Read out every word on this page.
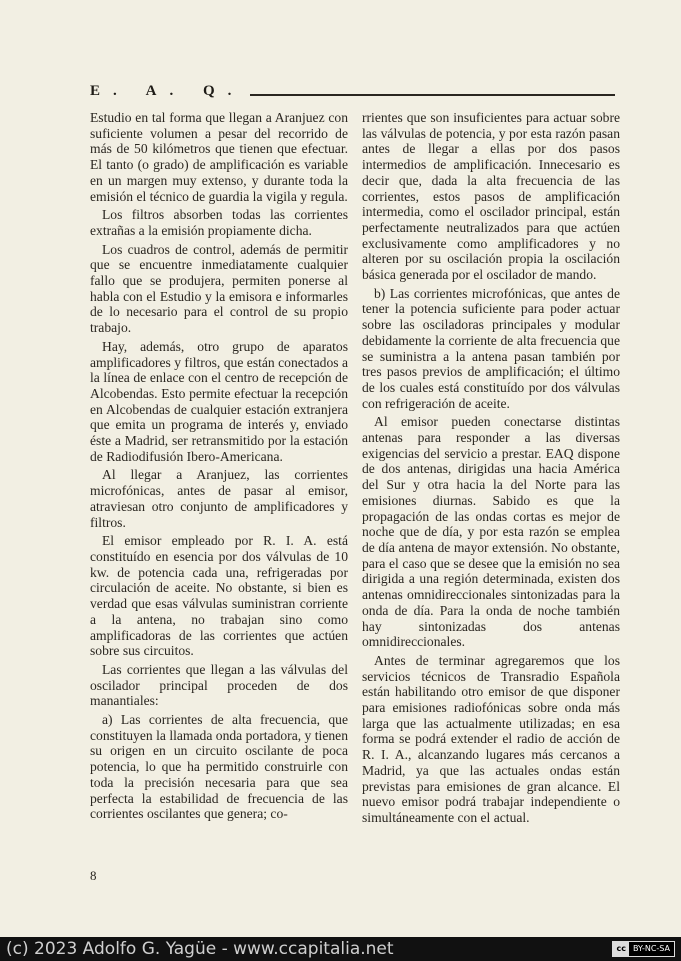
E. A. Q.

Estudio en tal forma que llegan a Aranjuez con suficiente volumen a pesar del recorrido de más de 50 kilómetros que tienen que efectuar. El tanto (o grado) de amplificación es variable en un margen muy extenso, y durante toda la emisión el técnico de guardia la vigila y regula.

Los filtros absorben todas las corrientes extrañas a la emisión propiamente dicha.

Los cuadros de control, además de permitir que se encuentre inmediatamente cualquier fallo que se produjera, permiten ponerse al habla con el Estudio y la emisora e informarles de lo necesario para el control de su propio trabajo.

Hay, además, otro grupo de aparatos amplificadores y filtros, que están conectados a la línea de enlace con el centro de recepción de Alcobendas. Esto permite efectuar la recepción en Alcobendas de cualquier estación extranjera que emita un programa de interés y, enviado éste a Madrid, ser retransmitido por la estación de Radiodifusión Ibero-Americana.

Al llegar a Aranjuez, las corrientes microfónicas, antes de pasar al emisor, atraviesan otro conjunto de amplificadores y filtros.

El emisor empleado por R. I. A. está constituído en esencia por dos válvulas de 10 kw. de potencia cada una, refrigeradas por circulación de aceite. No obstante, si bien es verdad que esas válvulas suministran corriente a la antena, no trabajan sino como amplificadoras de las corrientes que actúen sobre sus circuitos.

Las corrientes que llegan a las válvulas del oscilador principal proceden de dos manantiales:

a) Las corrientes de alta frecuencia, que constituyen la llamada onda portadora, y tienen su origen en un circuito oscilante de poca potencia, lo que ha permitido construirle con toda la precisión necesaria para que sea perfecta la estabilidad de frecuencia de las corrientes oscilantes que genera; co-

rrientes que son insuficientes para actuar sobre las válvulas de potencia, y por esta razón pasan antes de llegar a ellas por dos pasos intermedios de amplificación. Innecesario es decir que, dada la alta frecuencia de las corrientes, estos pasos de amplificación intermedia, como el oscilador principal, están perfectamente neutralizados para que actúen exclusivamente como amplificadores y no alteren por su oscilación propia la oscilación básica generada por el oscilador de mando.

b) Las corrientes microfónicas, que antes de tener la potencia suficiente para poder actuar sobre las osciladoras principales y modular debidamente la corriente de alta frecuencia que se suministra a la antena pasan también por tres pasos previos de amplificación; el último de los cuales está constituído por dos válvulas con refrigeración de aceite.

Al emisor pueden conectarse distintas antenas para responder a las diversas exigencias del servicio a prestar. EAQ dispone de dos antenas, dirigidas una hacia América del Sur y otra hacia la del Norte para las emisiones diurnas. Sabido es que la propagación de las ondas cortas es mejor de noche que de día, y por esta razón se emplea de día antena de mayor extensión. No obstante, para el caso que se desee que la emisión no sea dirigida a una región determinada, existen dos antenas omnidireccionales sintonizadas para la onda de día. Para la onda de noche también hay sintonizadas dos antenas omnidireccionales.

Antes de terminar agregaremos que los servicios técnicos de Transradio Española están habilitando otro emisor de que disponer para emisiones radiofónicas sobre onda más larga que las actualmente utilizadas; en esa forma se podrá extender el radio de acción de R. I. A., alcanzando lugares más cercanos a Madrid, ya que las actuales ondas están previstas para emisiones de gran alcance. El nuevo emisor podrá trabajar independiente o simultáneamente con el actual.

8
(c) 2023 Adolfo G. Yagüe - www.ccapitalia.net	cc BY-NC-SA
